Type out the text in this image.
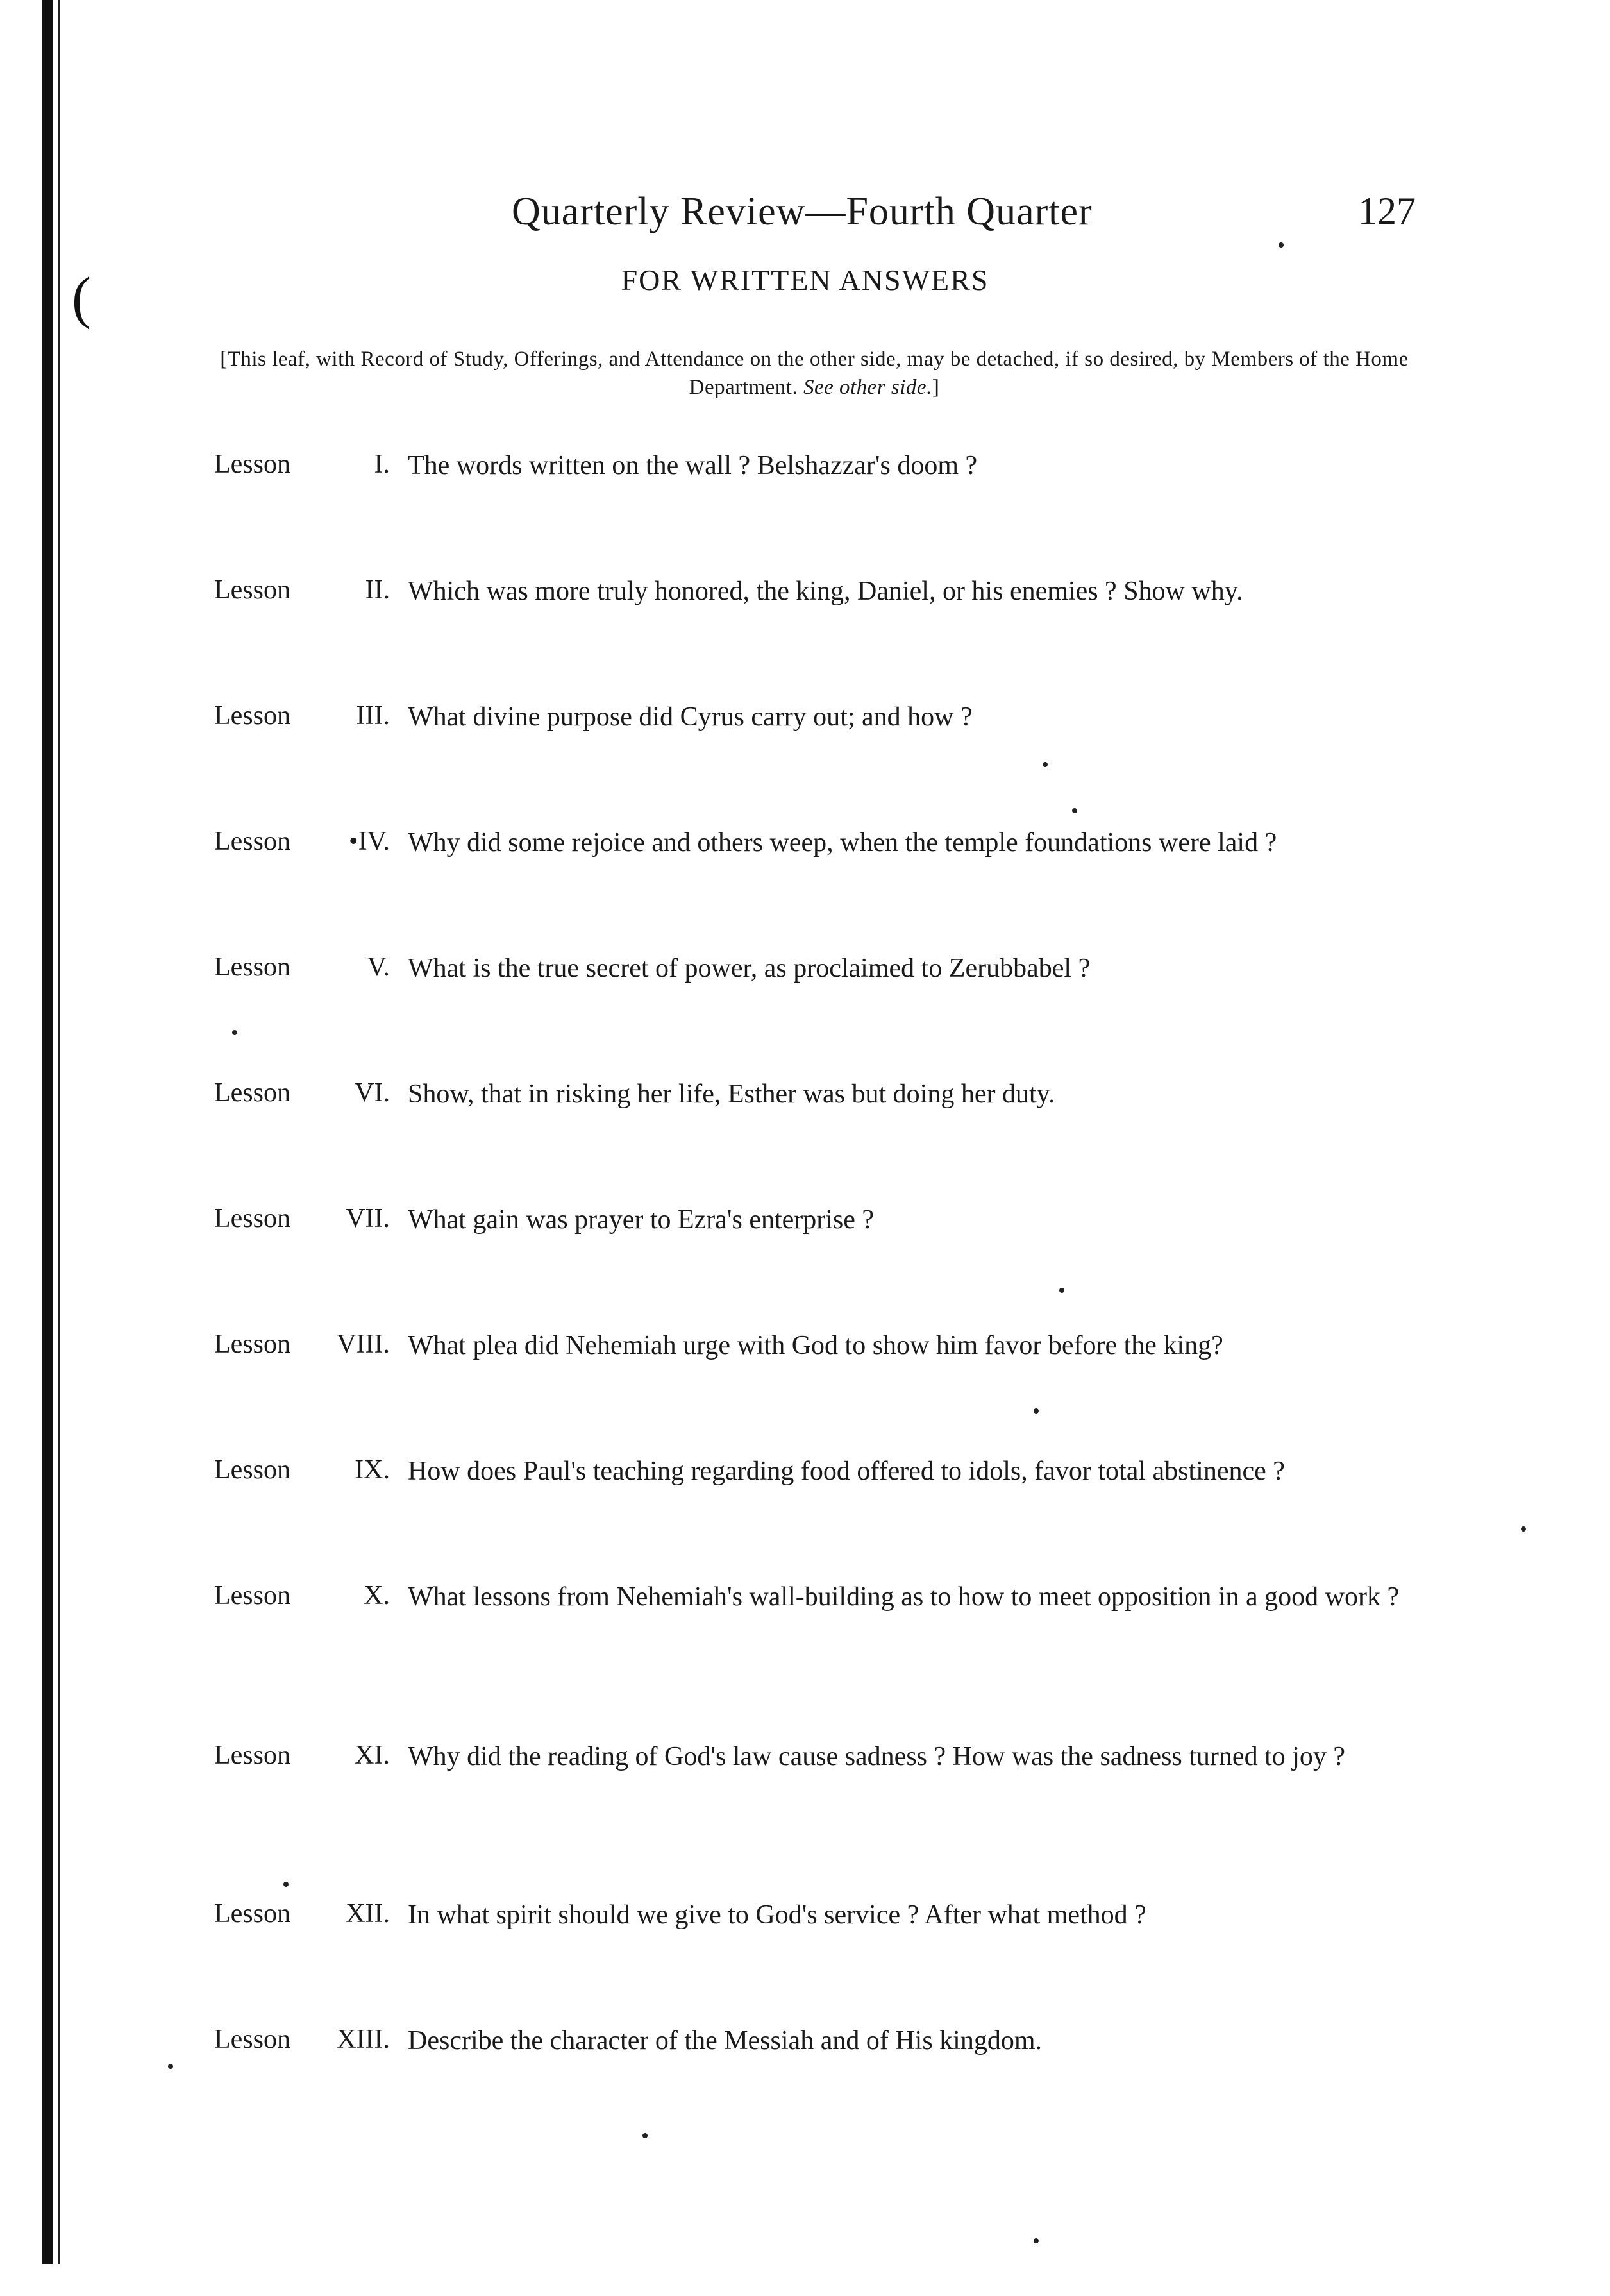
(
Quarterly Review—Fourth Quarter	127
FOR WRITTEN ANSWERS
[This leaf, with Record of Study, Offerings, and Attendance on the other side, may be detached, if so desired, by Members of the Home Department. See other side.]
Lesson	I. The words written on the wall ? Belshazzar's doom ?
Lesson	II. Which was more truly honored, the king, Daniel, or his enemies ? Show why.
Lesson III. What divine purpose did Cyrus carry out; and how ?
Lesson •IV. Why did some rejoice and others weep, when the temple foundations were laid ?
Lesson	V. What is the true secret of power, as proclaimed to Zerubbabel ?
Lesson VI. Show, that in risking her life, Esther was but doing her duty.
Lesson VII. What gain was prayer to Ezra's enterprise ?
Lesson VIII. What plea did Nehemiah urge with God to show him favor before the king?
Lesson IX. How does Paul's teaching regarding food offered to idols, favor total abstinence ?
Lesson	X. What lessons from Nehemiah's wall-building as to how to meet opposition in a good work ?
Lesson XI. Why did the reading of God's law cause sadness ? How was the sadness turned to joy ?
Lesson XII. In what spirit should we give to God's service ? After what method ?
Lesson XIII. Describe the character of the Messiah and of His kingdom.
